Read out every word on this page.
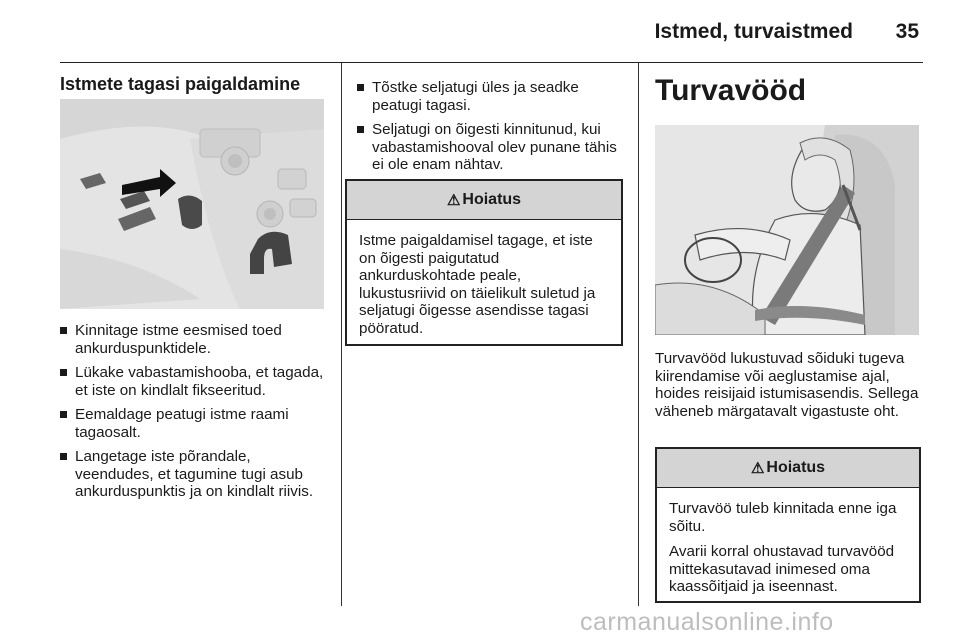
Istmed, turvaistmed 35
Istmete tagasi paigaldamine
Kinnitage istme eesmised toed ankurduspunktidele.
Lükake vabastamishooba, et tagada, et iste on kindlalt fikseeritud.
Eemaldage peatugi istme raami tagaosalt.
Langetage iste põrandale, veendudes, et tagumine tugi asub ankurduspunktis ja on kindlalt riivis.
Tõstke seljatugi üles ja seadke peatugi tagasi.
Seljatugi on õigesti kinnitunud, kui vabastamishooval olev punane tähis ei ole enam nähtav.
⚠ Hoiatus

Istme paigaldamisel tagage, et iste on õigesti paigutatud ankurduskohtade peale, lukustusriivid on täielikult suletud ja seljatugi õigesse asendisse tagasi pööratud.

Turvavööd
Turvavööd lukustuvad sõiduki tugeva kiirendamise või aeglustamise ajal, hoides reisijaid istumisasendis. Sellega väheneb märgatavalt vigastuste oht.
⚠ Hoiatus

Turvavöö tuleb kinnitada enne iga sõitu.

Avarii korral ohustavad turvavööd mittekasutavad inimesed oma kaassõitjaid ja iseennast.

carmanualsonline.info
